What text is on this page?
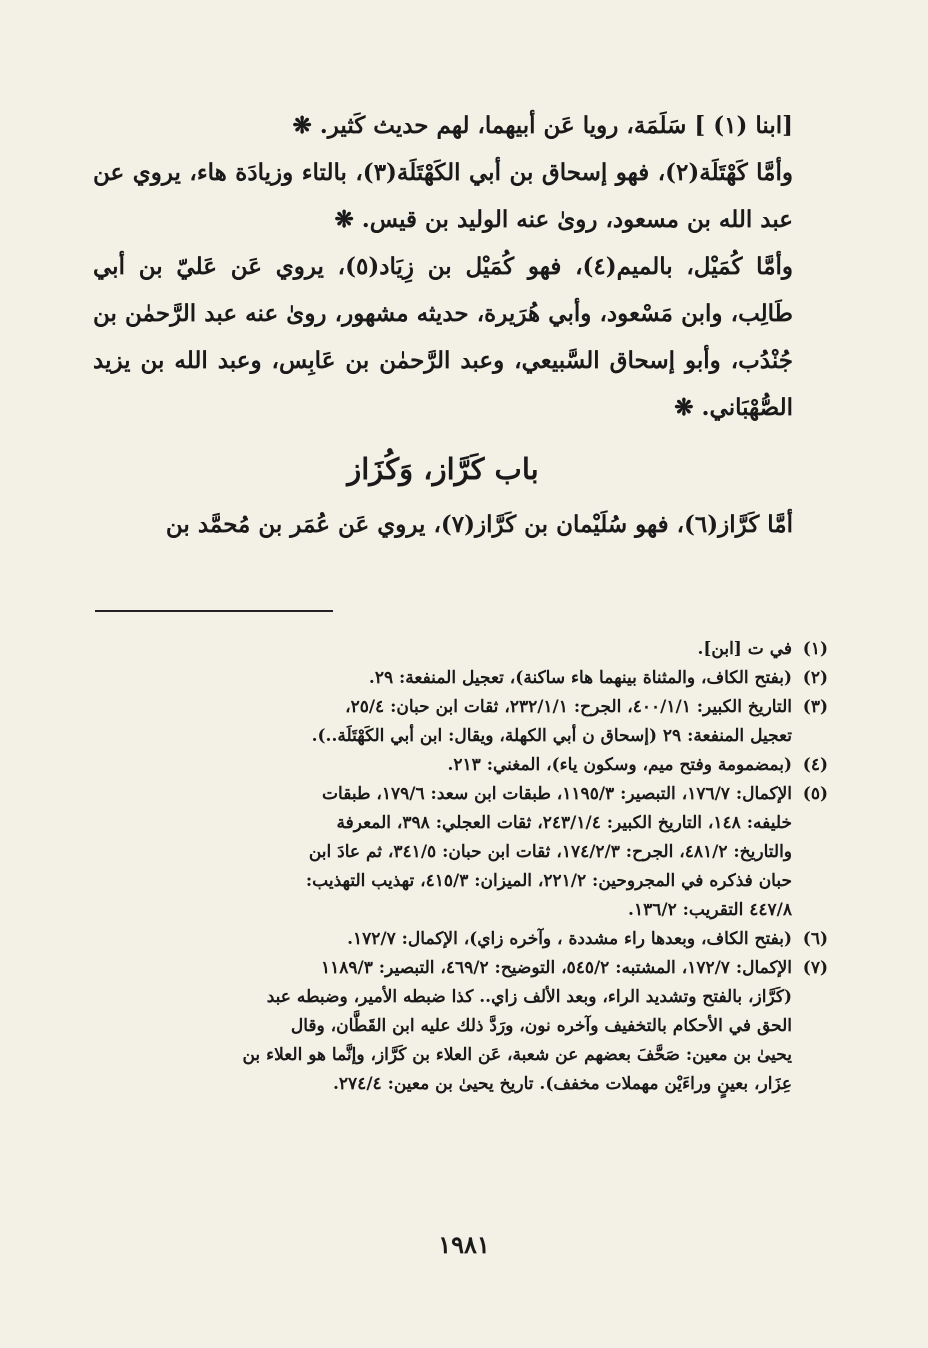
[ابنا (١) ] سَلَمَة، رويا عَن أبيهما، لهم حديث كَثير. ❋

وأمَّا كَهْتَلَة(٢)، فهو إسحاق بن أبي الكَهْتَلَة(٣)، بالتاء وزيادَة هاء، يروي عن عبد الله بن مسعود، روىٰ عنه الوليد بن قيس. ❋

وأمَّا كُمَيْل، بالميم(٤)، فهو كُمَيْل بن زِيَاد(٥)، يروي عَن عَليّ بن أبي طَالِب، وابن مَسْعود، وأبي هُرَيرة، حديثه مشهور، روىٰ عنه عبد الرَّحمٰن بن جُنْدُب، وأبو إسحاق السَّبيعي، وعبد الرَّحمٰن بن عَابِس، وعبد الله بن يزيد الصُّهْبَاني. ❋

باب كَرَّاز، وَكُزَاز

أمَّا كَرَّاز(٦)، فهو سُلَيْمان بن كَرَّاز(٧)، يروي عَن عُمَر بن مُحمَّد بن

(١)
في ت [ابن].
(٢)
(بفتح الكاف، والمثناة بينهما هاء ساكنة)، تعجيل المنفعة: ٢٩.
(٣)
التاريخ الكبير: ٤٠٠/١/١، الجرح: ٢٣٢/١/١، ثقات ابن حبان: ٢٥/٤،
تعجيل المنفعة: ٢٩ (إسحاق ن أبي الكهلة، ويقال: ابن أبي الكَهْتَلَة..).
(٤)
(بمضمومة وفتح ميم، وسكون ياء)، المغني: ٢١٣.
(٥)
الإكمال: ١٧٦/٧، التبصير: ١١٩٥/٣، طبقات ابن سعد: ١٧٩/٦، طبقات
خليفه: ١٤٨، التاريخ الكبير: ٢٤٣/١/٤، ثقات العجلي: ٣٩٨، المعرفة
والتاريخ: ٤٨١/٢، الجرح: ١٧٤/٢/٣، ثقات ابن حبان: ٣٤١/٥، ثم عادَ ابن
حبان فذكره في المجروحين: ٢٢١/٢، الميزان: ٤١٥/٣، تهذيب التهذيب:
٤٤٧/٨ التقريب: ١٣٦/٢.
(٦)
(بفتح الكاف، وبعدها راء مشددة ، وآخره زاي)، الإكمال: ١٧٢/٧.
(٧)
الإكمال: ١٧٢/٧، المشتبه: ٥٤٥/٢، التوضيح: ٤٦٩/٢، التبصير: ١١٨٩/٣
(كَرَّاز، بالفتح وتشديد الراء، وبعد الألف زاي.. كذا ضبطه الأمير، وضبطه عبد
الحق في الأحكام بالتخفيف وآخره نون، ورَدَّ ذلك عليه ابن القَطَّان، وقال
يحيىٰ بن معين: صَحَّفَ بعضهم عن شعبة، عَن العلاء بن كَرَّاز، وإنَّما هو العلاء بن
عِزَار، بعينٍ وراءَيْن مهملات مخفف). تاريخ يحيىٰ بن معين: ٢٧٤/٤.
١٩٨١
